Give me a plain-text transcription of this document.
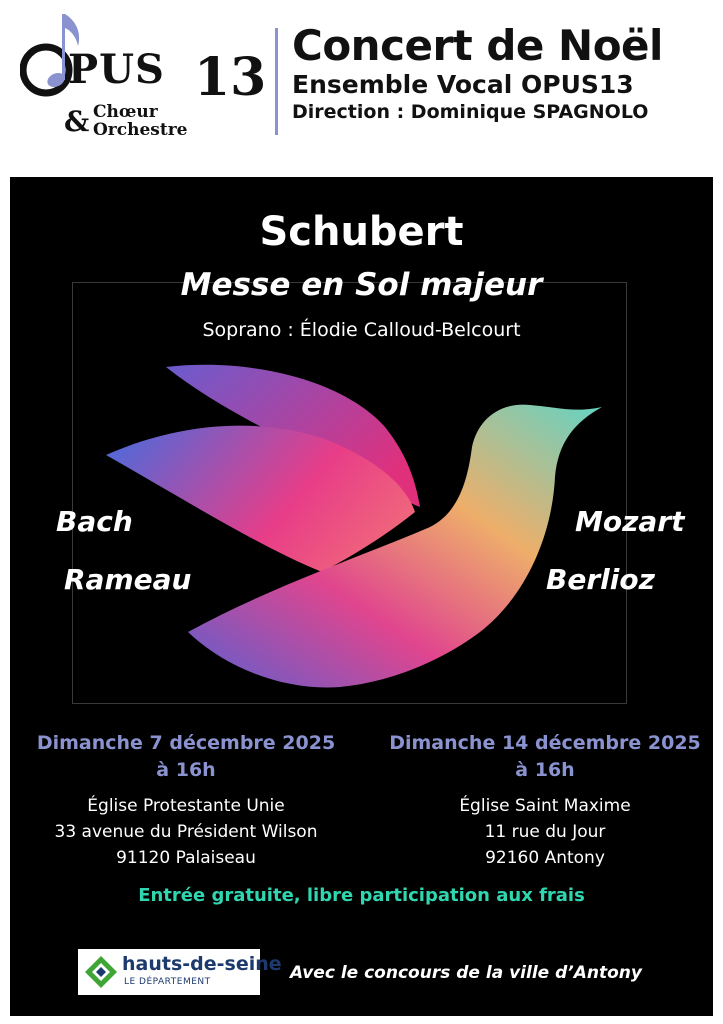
PUS 13
Chœur
& Orchestre
Concert de Noël
Ensemble Vocal OPUS13
Direction : Dominique SPAGNOLO
Schubert
Messe en Sol majeur
Soprano : Élodie Calloud-Belcourt
Bach
Rameau
Mozart
Berlioz
Dimanche 7 décembre 2025
à 16h
Église Protestante Unie
33 avenue du Président Wilson
91120 Palaiseau
Dimanche 14 décembre 2025
à 16h
Église Saint Maxime
11 rue du Jour
92160 Antony
Entrée gratuite, libre participation aux frais
hauts-de-seine
LE DÉPARTEMENT	Avec le concours de la ville d’Antony
